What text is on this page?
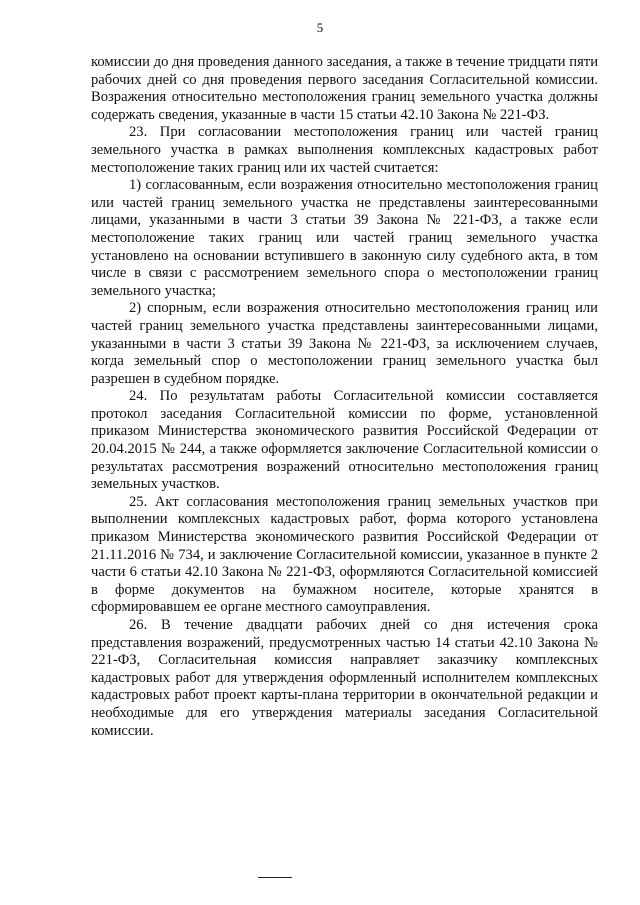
5

комиссии до дня проведения данного заседания, а также в течение тридцати пяти рабочих дней со дня проведения первого заседания Согласительной комиссии. Возражения относительно местоположения границ земельного участка должны содержать сведения, указанные в части 15 статьи 42.10 Закона № 221-ФЗ.

23. При согласовании местоположения границ или частей границ земельного участка в рамках выполнения комплексных кадастровых работ местоположение таких границ или их частей считается:

1) согласованным, если возражения относительно местоположения границ или частей границ земельного участка не представлены заинтересованными лицами, указанными в части 3 статьи 39 Закона № 221-ФЗ, а также если местоположение таких границ или частей границ земельного участка установлено на основании вступившего в законную силу судебного акта, в том числе в связи с рассмотрением земельного спора о местоположении границ земельного участка;

2) спорным, если возражения относительно местоположения границ или частей границ земельного участка представлены заинтересованными лицами, указанными в части 3 статьи 39 Закона № 221-ФЗ, за исключением случаев, когда земельный спор о местоположении границ земельного участка был разрешен в судебном порядке.

24. По результатам работы Согласительной комиссии составляется протокол заседания Согласительной комиссии по форме, установленной приказом Министерства экономического развития Российской Федерации от 20.04.2015 № 244, а также оформляется заключение Согласительной комиссии о результатах рассмотрения возражений относительно местоположения границ земельных участков.

25. Акт согласования местоположения границ земельных участков при выполнении комплексных кадастровых работ, форма которого установлена приказом Министерства экономического развития Российской Федерации от 21.11.2016 № 734, и заключение Согласительной комиссии, указанное в пункте 2 части 6 статьи 42.10 Закона № 221-ФЗ, оформляются Согласительной комиссией в форме документов на бумажном носителе, которые хранятся в сформировавшем ее органе местного самоуправления.

26. В течение двадцати рабочих дней со дня истечения срока представления возражений, предусмотренных частью 14 статьи 42.10 Закона № 221-ФЗ, Согласительная комиссия направляет заказчику комплексных кадастровых работ для утверждения оформленный исполнителем комплексных кадастровых работ проект карты-плана территории в окончательной редакции и необходимые для его утверждения материалы заседания Согласительной комиссии.
